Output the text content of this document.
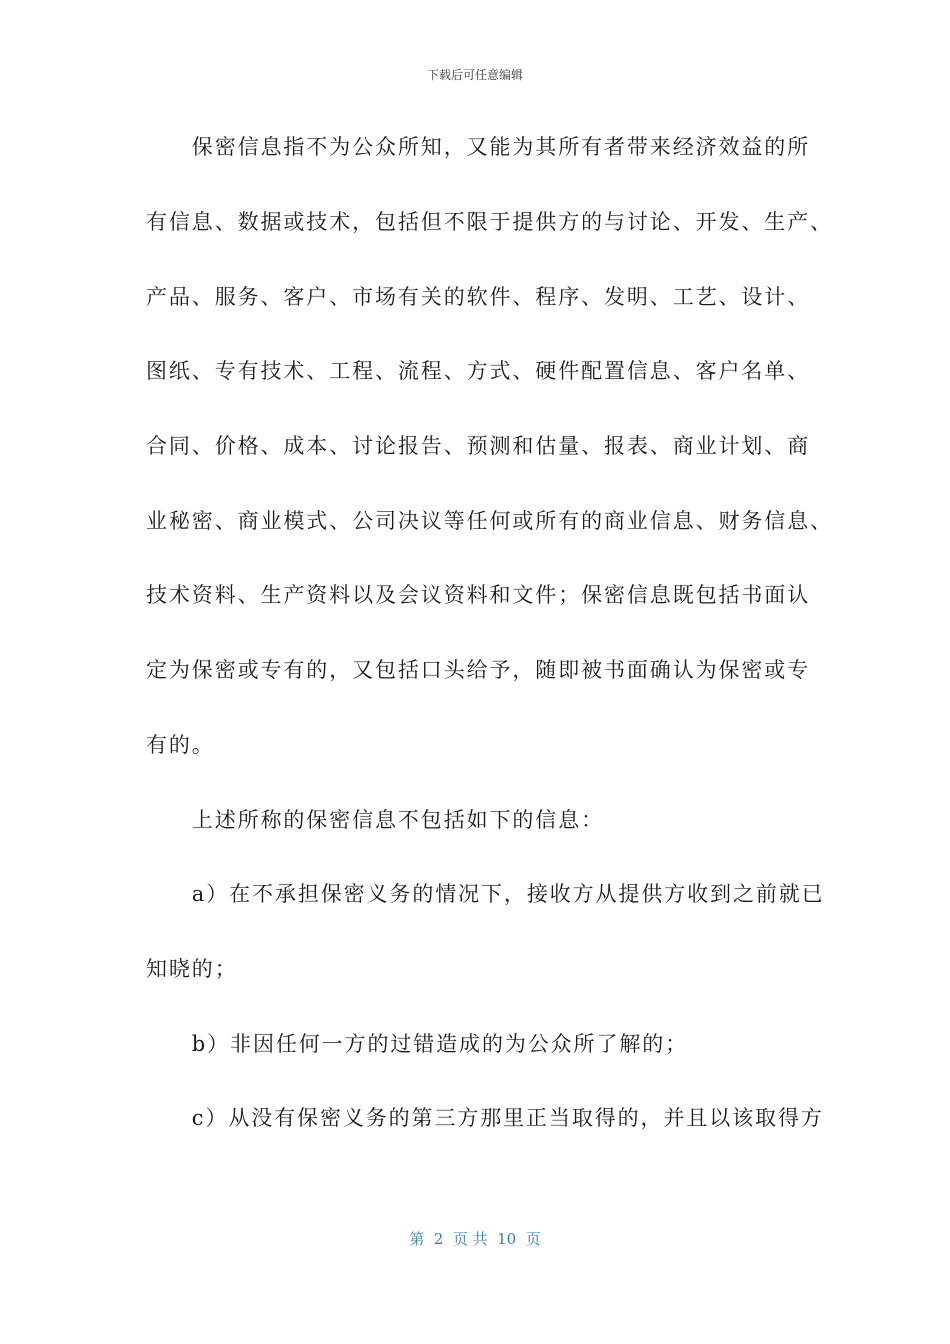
下载后可任意编辑
　　保密信息指不为公众所知，又能为其所有者带来经济效益的所
有信息、数据或技术，包括但不限于提供方的与讨论、开发、生产、
产品、服务、客户、市场有关的软件、程序、发明、工艺、设计、
图纸、专有技术、工程、流程、方式、硬件配置信息、客户名单、
合同、价格、成本、讨论报告、预测和估量、报表、商业计划、商
业秘密、商业模式、公司决议等任何或所有的商业信息、财务信息、
技术资料、生产资料以及会议资料和文件；保密信息既包括书面认
定为保密或专有的，又包括口头给予，随即被书面确认为保密或专
有的。
　　上述所称的保密信息不包括如下的信息：
　　a）在不承担保密义务的情况下，接收方从提供方收到之前就已
知晓的；
　　b）非因任何一方的过错造成的为公众所了解的；
　　c）从没有保密义务的第三方那里正当取得的，并且以该取得方
第  2  页 共  10  页
